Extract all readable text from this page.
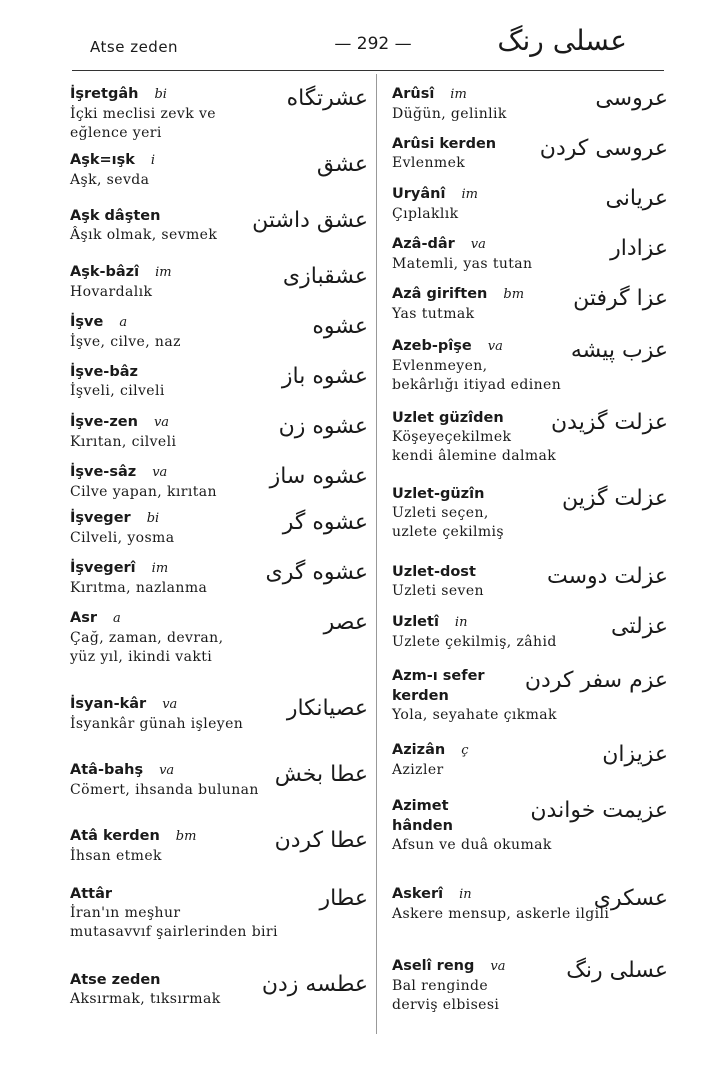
Atse zeden	— 292 —	عسلی رنگ
İşretgâh bi
İçki meclisi zevk ve
eğlence yeri
عشرتگاه
Aşk=ışk i
Aşk, sevda
عشق
Aşk dâşten
Âşık olmak, sevmek
عشق داشتن
Aşk-bâzî im
Hovardalık
عشقبازی
İşve a
İşve, cilve, naz
عشوه
İşve-bâz
İşveli, cilveli
عشوه باز
İşve-zen va
Kırıtan, cilveli
عشوه زن
İşve-sâz va
Cilve yapan, kırıtan
عشوه ساز
İşveger bi
Cilveli, yosma
عشوه گر
İşvegerî im
Kırıtma, nazlanma
عشوه گری
Asr a
Çağ, zaman, devran,
yüz yıl, ikindi vakti
عصر
İsyan-kâr va
İsyankâr günah işleyen
عصیانکار
Atâ-bahş va
Cömert, ihsanda bulunan
عطا بخش
Atâ kerden bm
İhsan etmek
عطا کردن
Attâr
İran'ın meşhur
mutasavvıf şairlerinden biri
عطار
Atse zeden
Aksırmak, tıksırmak
عطسه زدن
Arûsî im
Düğün, gelinlik
عروسی
Arûsi kerden
Evlenmek
عروسی کردن
Uryânî im
Çıplaklık
عریانی
Azâ-dâr va
Matemli, yas tutan
عزادار
Azâ giriften bm
Yas tutmak
عزا گرفتن
Azeb-pîşe va
Evlenmeyen,
bekârlığı itiyad edinen
عزب پیشه
Uzlet güzîden
Köşeyeçekilmek
kendi âlemine dalmak
عزلت گزیدن
Uzlet-güzîn
Uzleti seçen,
uzlete çekilmiş
عزلت گزین
Uzlet-dost
Uzleti seven
عزلت دوست
Uzletî in
Uzlete çekilmiş, zâhid
عزلتی
Azm-ı sefer kerden
Yola, seyahate çıkmak
عزم سفر کردن
Azizân ç
Azizler
عزیزان
Azimet hânden
Afsun ve duâ okumak
عزیمت خواندن
Askerî in
Askere mensup, askerle ilgili
عسکری
Aselî reng va
Bal renginde
derviş elbisesi
عسلی رنگ
